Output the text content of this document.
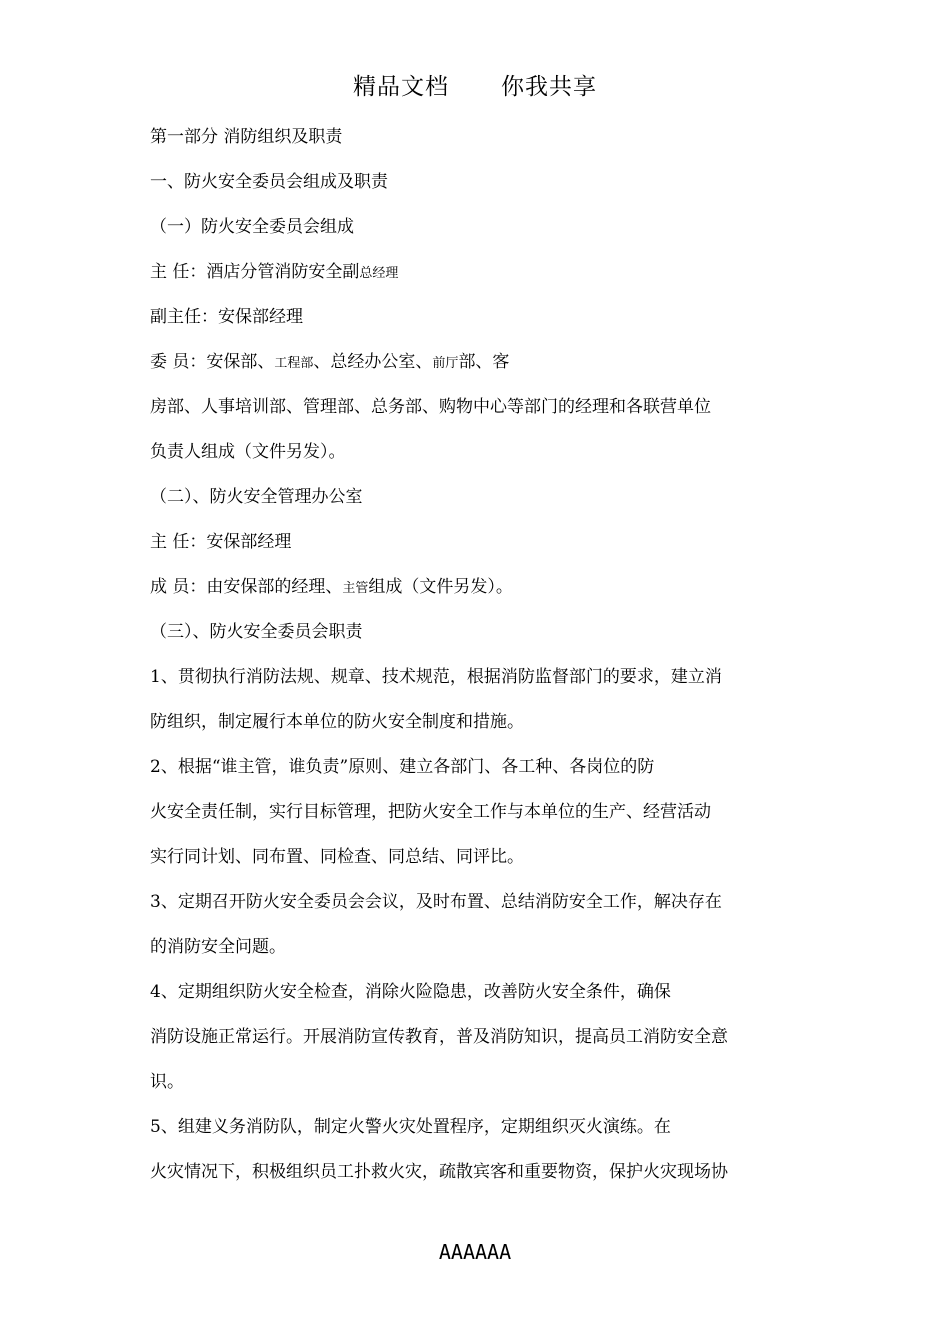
精品文档 你我共享
第一部分 消防组织及职责
一、防火安全委员会组成及职责
（一）防火安全委员会组成
主 任：酒店分管消防安全副总经理
副主任：安保部经理
委 员：安保部、工程部、总经办公室、前厅部、客
房部、人事培训部、管理部、总务部、购物中心等部门的经理和各联营单位
负责人组成（文件另发）。
（二）、防火安全管理办公室
主 任：安保部经理
成 员：由安保部的经理、主管组成（文件另发）。
（三）、防火安全委员会职责
1、贯彻执行消防法规、规章、技术规范，根据消防监督部门的要求，建立消
防组织，制定履行本单位的防火安全制度和措施。
2、根据“谁主管，谁负责”原则、建立各部门、各工种、各岗位的防
火安全责任制，实行目标管理，把防火安全工作与本单位的生产、经营活动
实行同计划、同布置、同检查、同总结、同评比。
3、定期召开防火安全委员会会议，及时布置、总结消防安全工作，解决存在
的消防安全问题。
4、定期组织防火安全检查，消除火险隐患，改善防火安全条件，确保
消防设施正常运行。开展消防宣传教育，普及消防知识，提高员工消防安全意
识。
5、组建义务消防队，制定火警火灾处置程序，定期组织灭火演练。在
火灾情况下，积极组织员工扑救火灾，疏散宾客和重要物资，保护火灾现场协
AAAAAA
